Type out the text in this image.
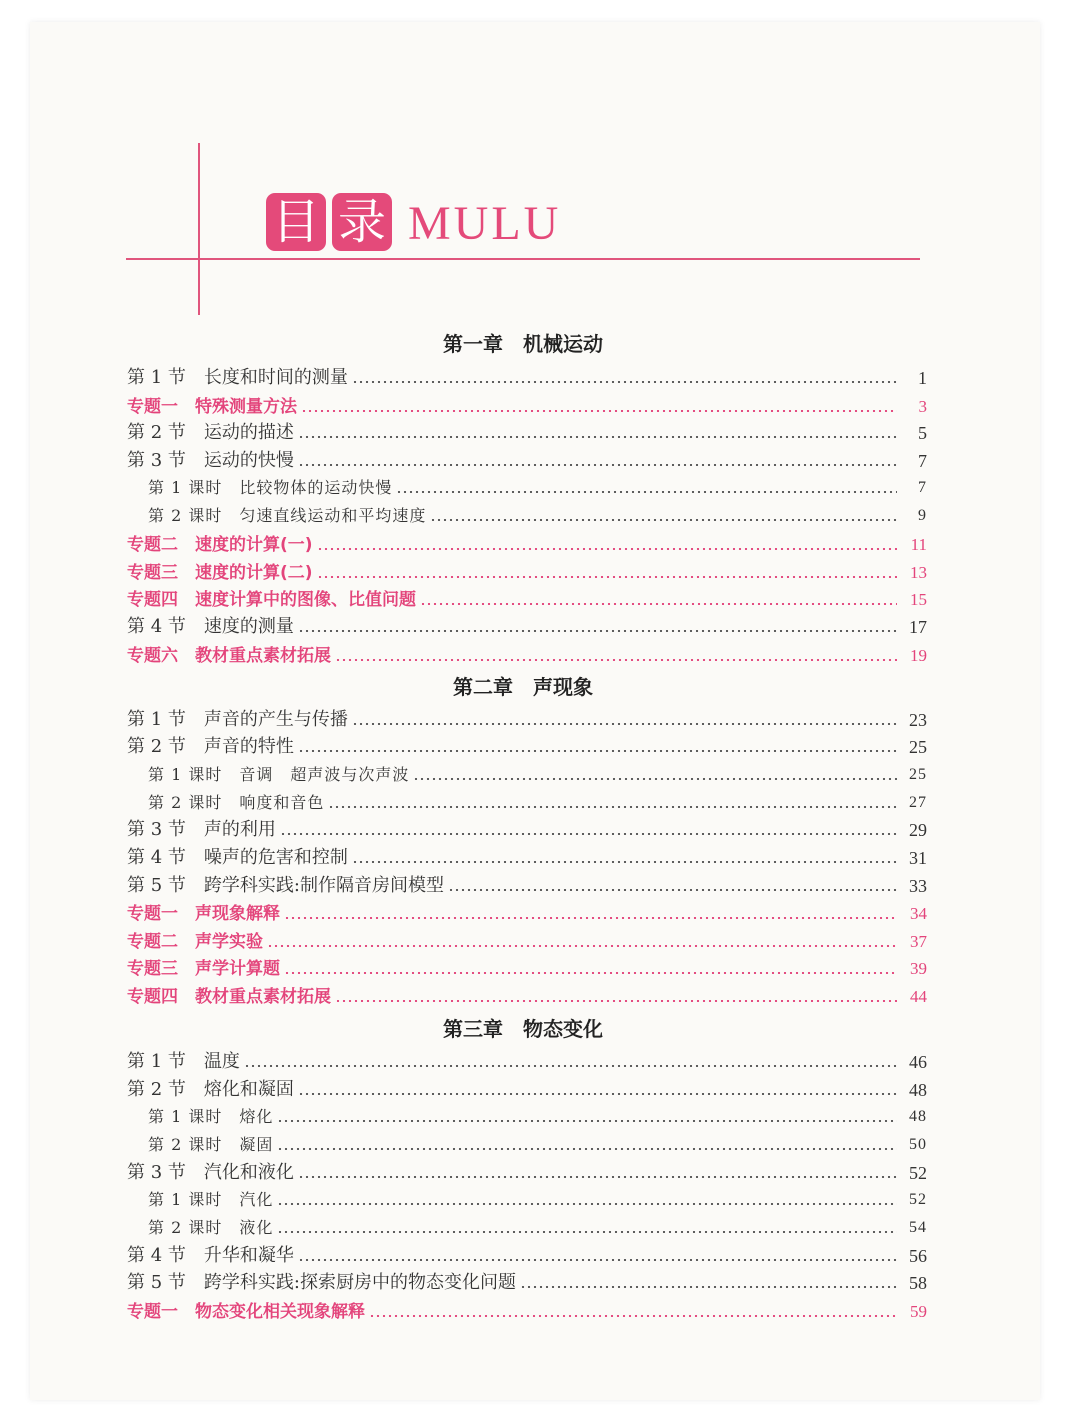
目 录 MULU
第一章　机械运动
第 1 节　长度和时间的测量	1
专题一　特殊测量方法	3
第 2 节　运动的描述	5
第 3 节　运动的快慢	7
第 1 课时　比较物体的运动快慢	7
第 2 课时　匀速直线运动和平均速度	9
专题二　速度的计算(一)	11
专题三　速度的计算(二)	13
专题四　速度计算中的图像、比值问题	15
第 4 节　速度的测量	17
专题六　教材重点素材拓展	19
第二章　声现象
第 1 节　声音的产生与传播	23
第 2 节　声音的特性	25
第 1 课时　音调　超声波与次声波	25
第 2 课时　响度和音色	27
第 3 节　声的利用	29
第 4 节　噪声的危害和控制	31
第 5 节　跨学科实践:制作隔音房间模型	33
专题一　声现象解释	34
专题二　声学实验	37
专题三　声学计算题	39
专题四　教材重点素材拓展	44
第三章　物态变化
第 1 节　温度	46
第 2 节　熔化和凝固	48
第 1 课时　熔化	48
第 2 课时　凝固	50
第 3 节　汽化和液化	52
第 1 课时　汽化	52
第 2 课时　液化	54
第 4 节　升华和凝华	56
第 5 节　跨学科实践:探索厨房中的物态变化问题	58
专题一　物态变化相关现象解释	59
